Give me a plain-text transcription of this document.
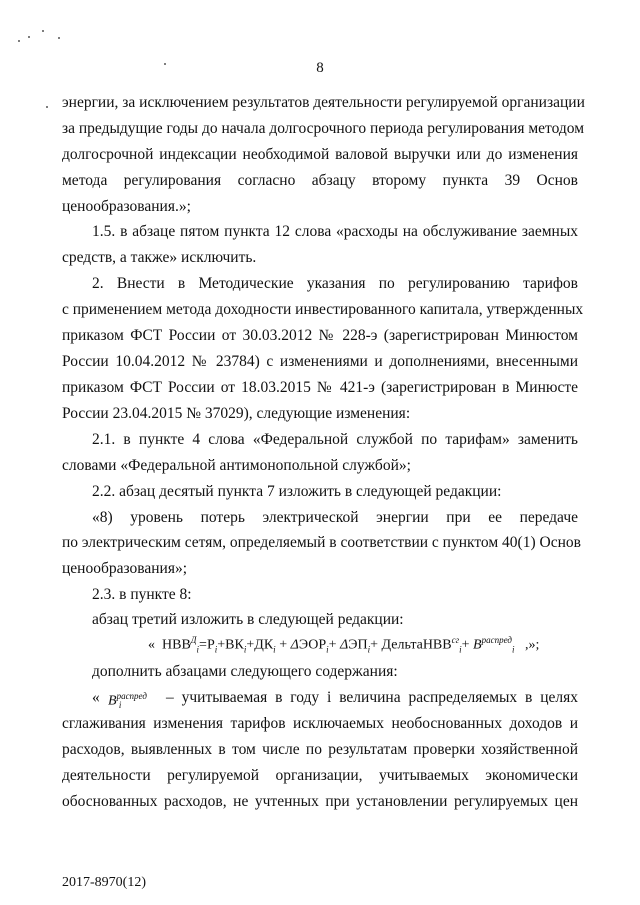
8
энергии, за исключением результатов деятельности регулируемой организации
за предыдущие годы до начала долгосрочного периода регулирования методом
долгосрочной индексации необходимой валовой выручки или до изменения
метода регулирования согласно абзацу второму пункта 39 Основ
ценообразования.»;
1.5. в абзаце пятом пункта 12 слова «расходы на обслуживание заемных
средств, а также» исключить.
2. Внести в Методические указания по регулированию тарифов
с применением метода доходности инвестированного капитала, утвержденных
приказом ФСТ России от 30.03.2012 № 228-э (зарегистрирован Минюстом
России 10.04.2012 № 23784) с изменениями и дополнениями, внесенными
приказом ФСТ России от 18.03.2015 № 421-э (зарегистрирован в Минюсте
России 23.04.2015 № 37029), следующие изменения:
2.1. в пункте 4 слова «Федеральной службой по тарифам» заменить
словами «Федеральной антимонопольной службой»;
2.2. абзац десятый пункта 7 изложить в следующей редакции:
«8) уровень потерь электрической энергии при ее передаче
по электрическим сетям, определяемый в соответствии с пунктом 40(1) Основ
ценообразования»;
2.3. в пункте 8:
абзац третий изложить в следующей редакции:
« $НВВ^Д_i=Р_i+ВК_i+ДК_i + \Delta ЭОР_i+ \Delta ЭП_i+$ ДельтаНВВ$^{сг}_i$+ $B^{распред}_i$ ,»;
дополнить абзацами следующего содержания:
« $B^{распред}_i$	– учитываемая в году i величина распределяемых в целях
сглаживания изменения тарифов исключаемых необоснованных доходов и
расходов, выявленных в том числе по результатам проверки хозяйственной
деятельности регулируемой организации, учитываемых экономически
обоснованных расходов, не учтенных при установлении регулируемых цен
2017-8970(12)
